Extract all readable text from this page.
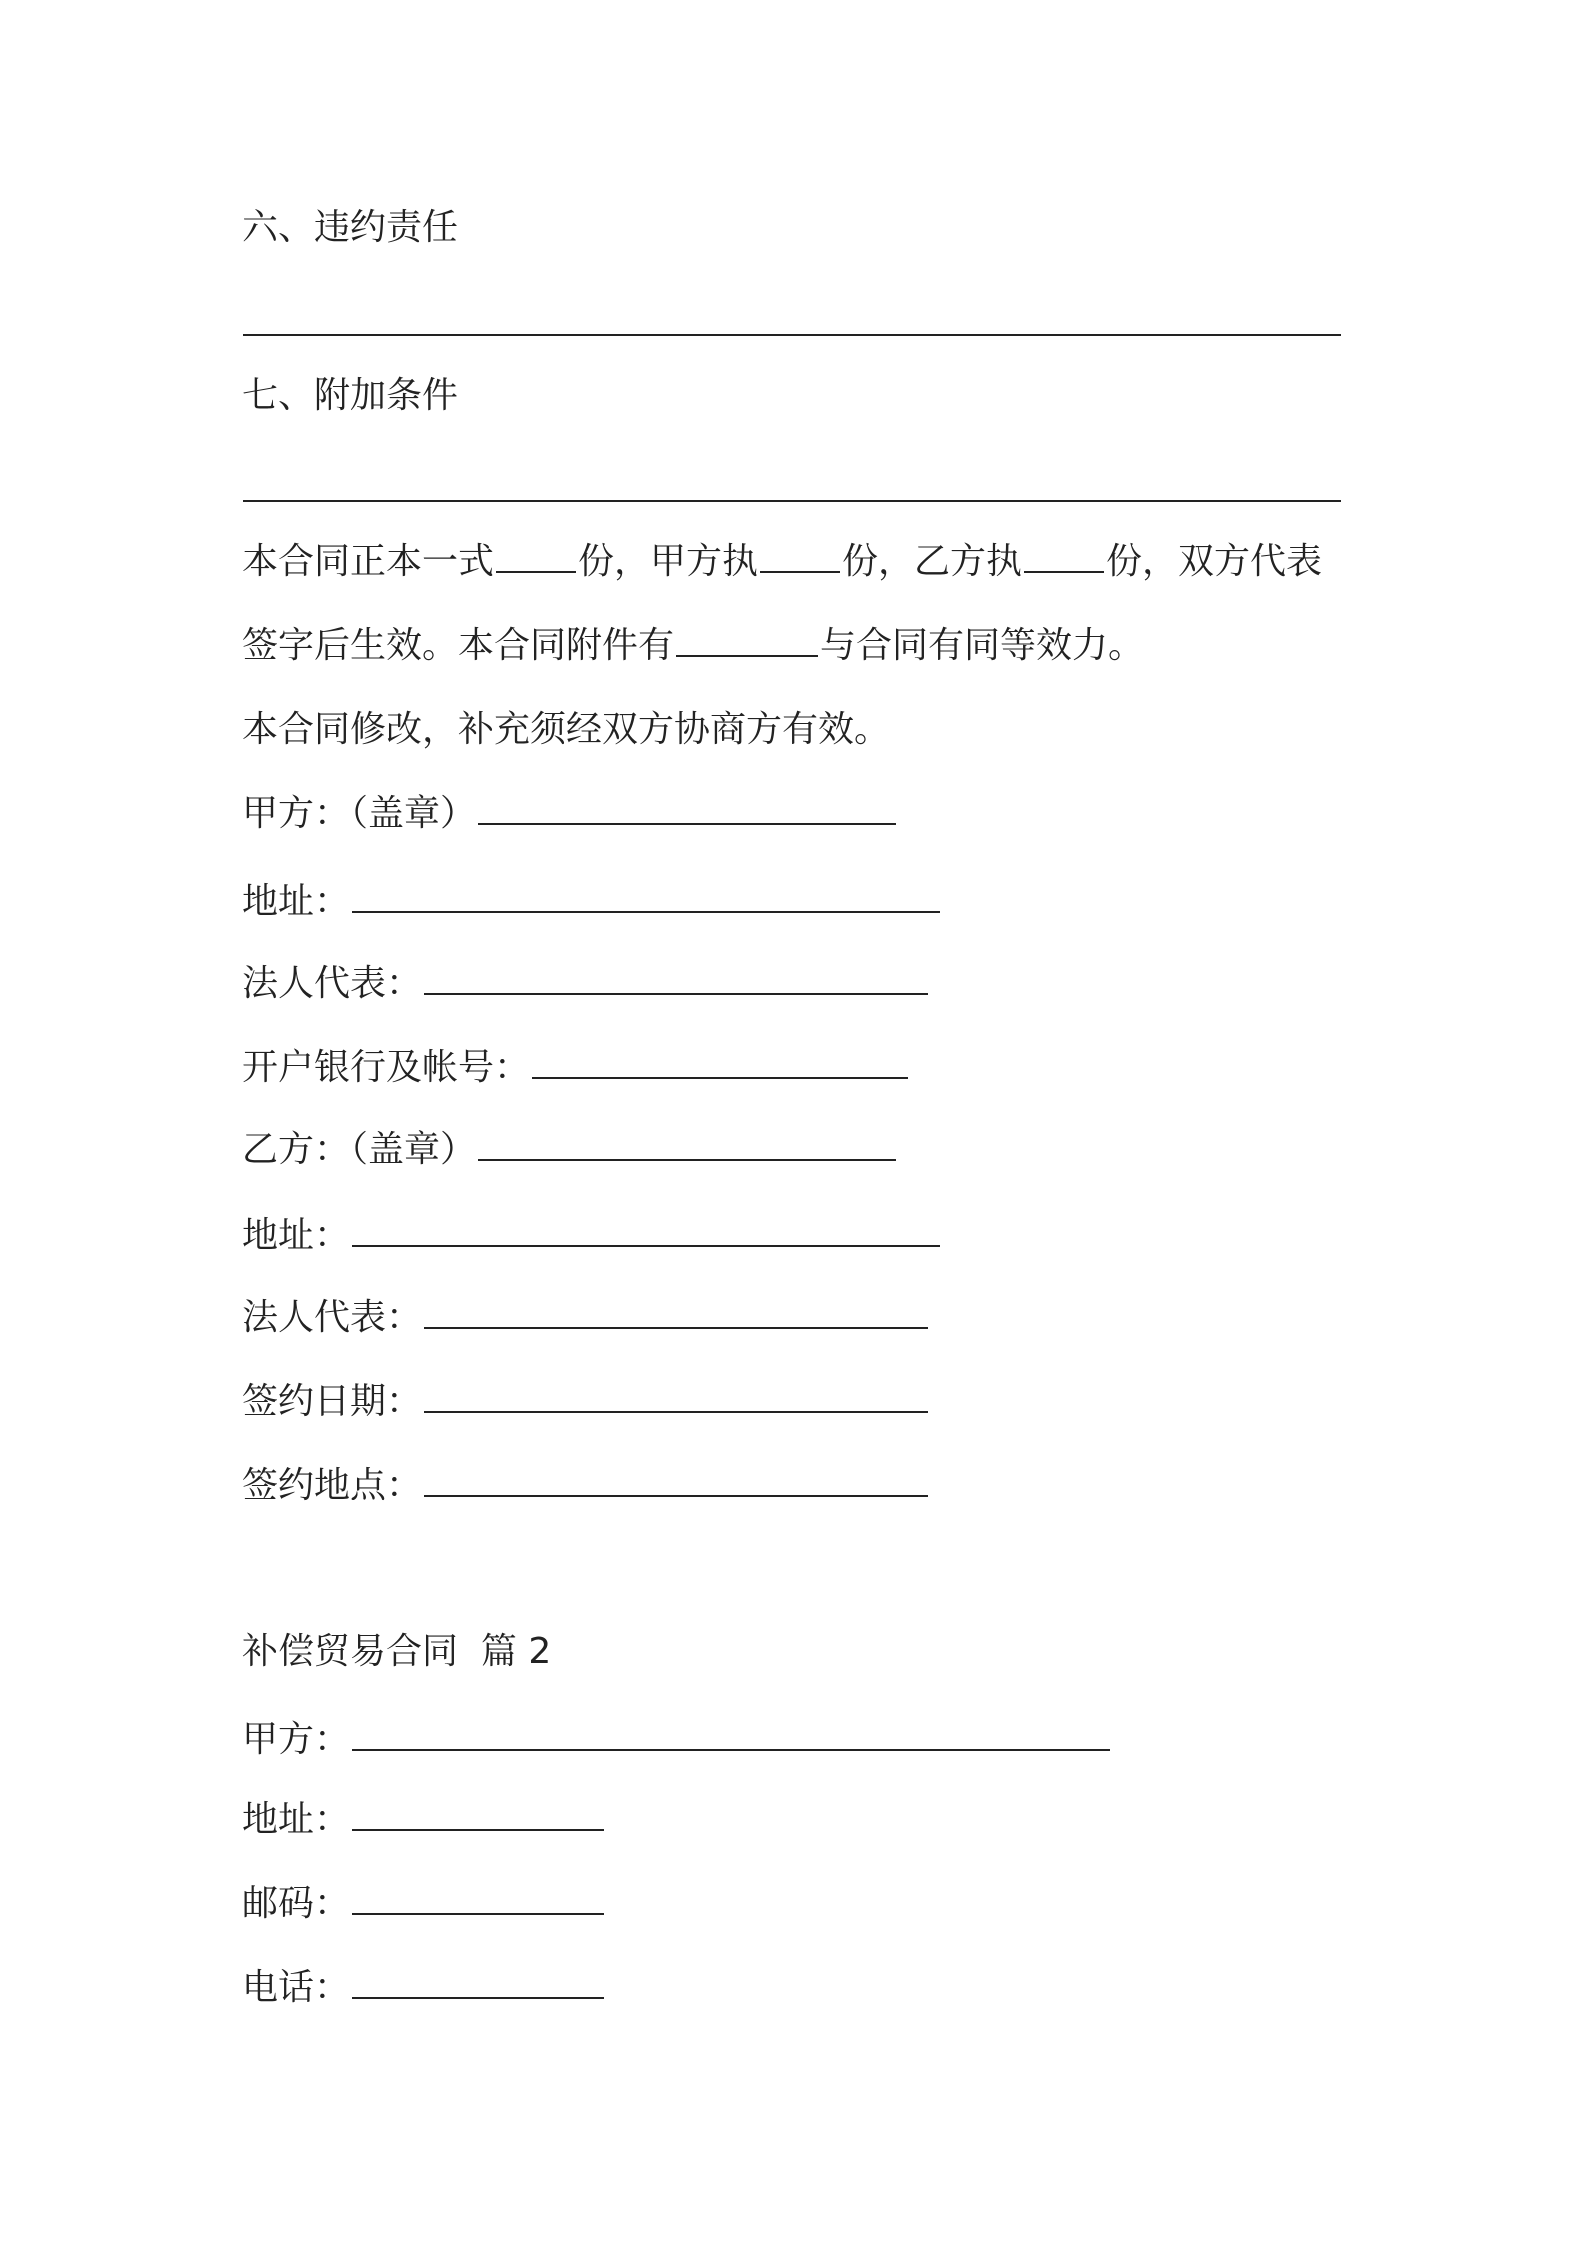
六、违约责任
七、附加条件
本合同正本一式 份，甲方执 份，乙方执 份，双方代表
签字后生效。本合同附件有	与合同有同等效力。
本合同修改，补充须经双方协商方有效。
甲方：（盖章）
地址：
法人代表：
开户银行及帐号：
乙方：（盖章）
地址：
法人代表：
签约日期：
签约地点：
补偿贸易合同  篇 2
甲方：
地址：
邮码：
电话：
